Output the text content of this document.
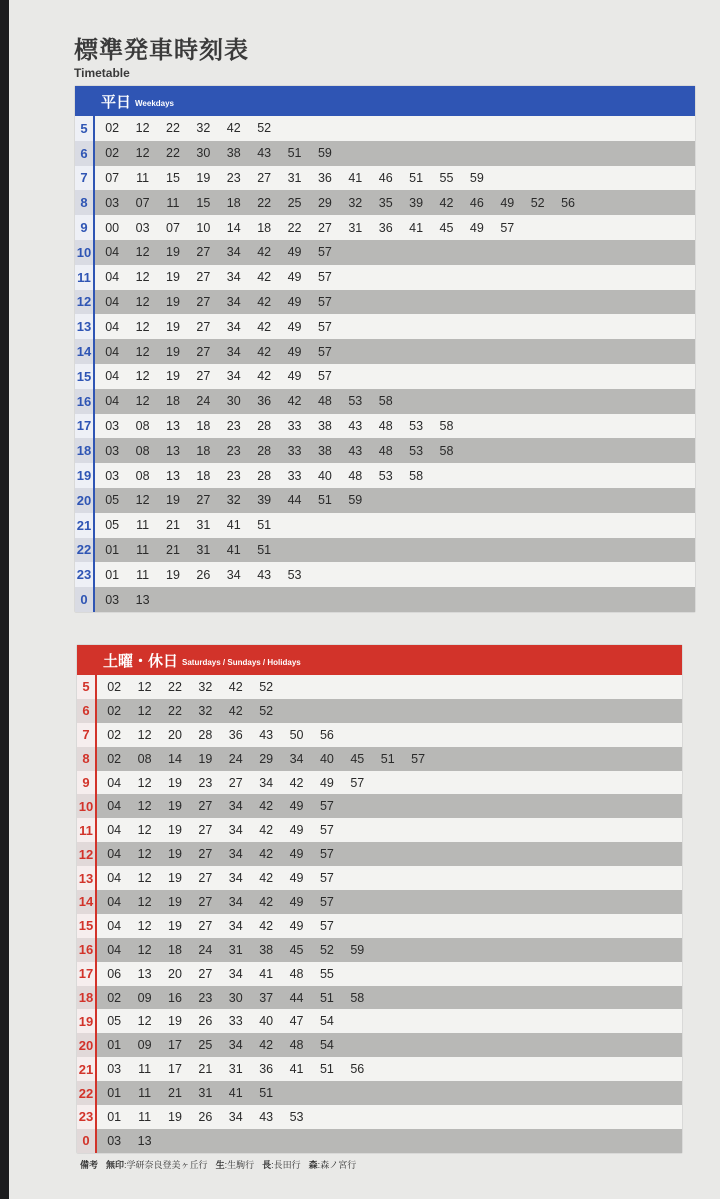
標準発車時刻表
Timetable
平日 Weekdays
5	02	12	22	32	42	52
6	02	12	22	30	38	43	51	59
7	07	11	15	19	23	27	31	36	41	46	51	55	59
8	03	07	11	15	18	22	25	29	32	35	39	42	46	49	52	56
9	00	03	07	10	14	18	22	27	31	36	41	45	49	57
10	04	12	19	27	34	42	49	57
11	04	12	19	27	34	42	49	57
12	04	12	19	27	34	42	49	57
13	04	12	19	27	34	42	49	57
14	04	12	19	27	34	42	49	57
15	04	12	19	27	34	42	49	57
16	04	12	18	24	30	36	42	48	53	58
17	03	08	13	18	23	28	33	38	43	48	53	58
18	03	08	13	18	23	28	33	38	43	48	53	58
19	03	08	13	18	23	28	33	40	48	53	58
20	05	12	19	27	32	39	44	51	59
21	05	11	21	31	41	51
22	01	11	21	31	41	51
23	01	11	19	26	34	43	53
0	03	13
土曜・休日 Saturdays / Sundays / Holidays
5	02	12	22	32	42	52
6	02	12	22	32	42	52
7	02	12	20	28	36	43	50	56
8	02	08	14	19	24	29	34	40	45	51	57
9	04	12	19	23	27	34	42	49	57
10	04	12	19	27	34	42	49	57
11	04	12	19	27	34	42	49	57
12	04	12	19	27	34	42	49	57
13	04	12	19	27	34	42	49	57
14	04	12	19	27	34	42	49	57
15	04	12	19	27	34	42	49	57
16	04	12	18	24	31	38	45	52	59
17	06	13	20	27	34	41	48	55
18	02	09	16	23	30	37	44	51	58
19	05	12	19	26	33	40	47	54
20	01	09	17	25	34	42	48	54
21	03	11	17	21	31	36	41	51	56
22	01	11	21	31	41	51
23	01	11	19	26	34	43	53
0	03	13
備考 無印:学研奈良登美ヶ丘行 生:生駒行 長:長田行 森:森ノ宮行
